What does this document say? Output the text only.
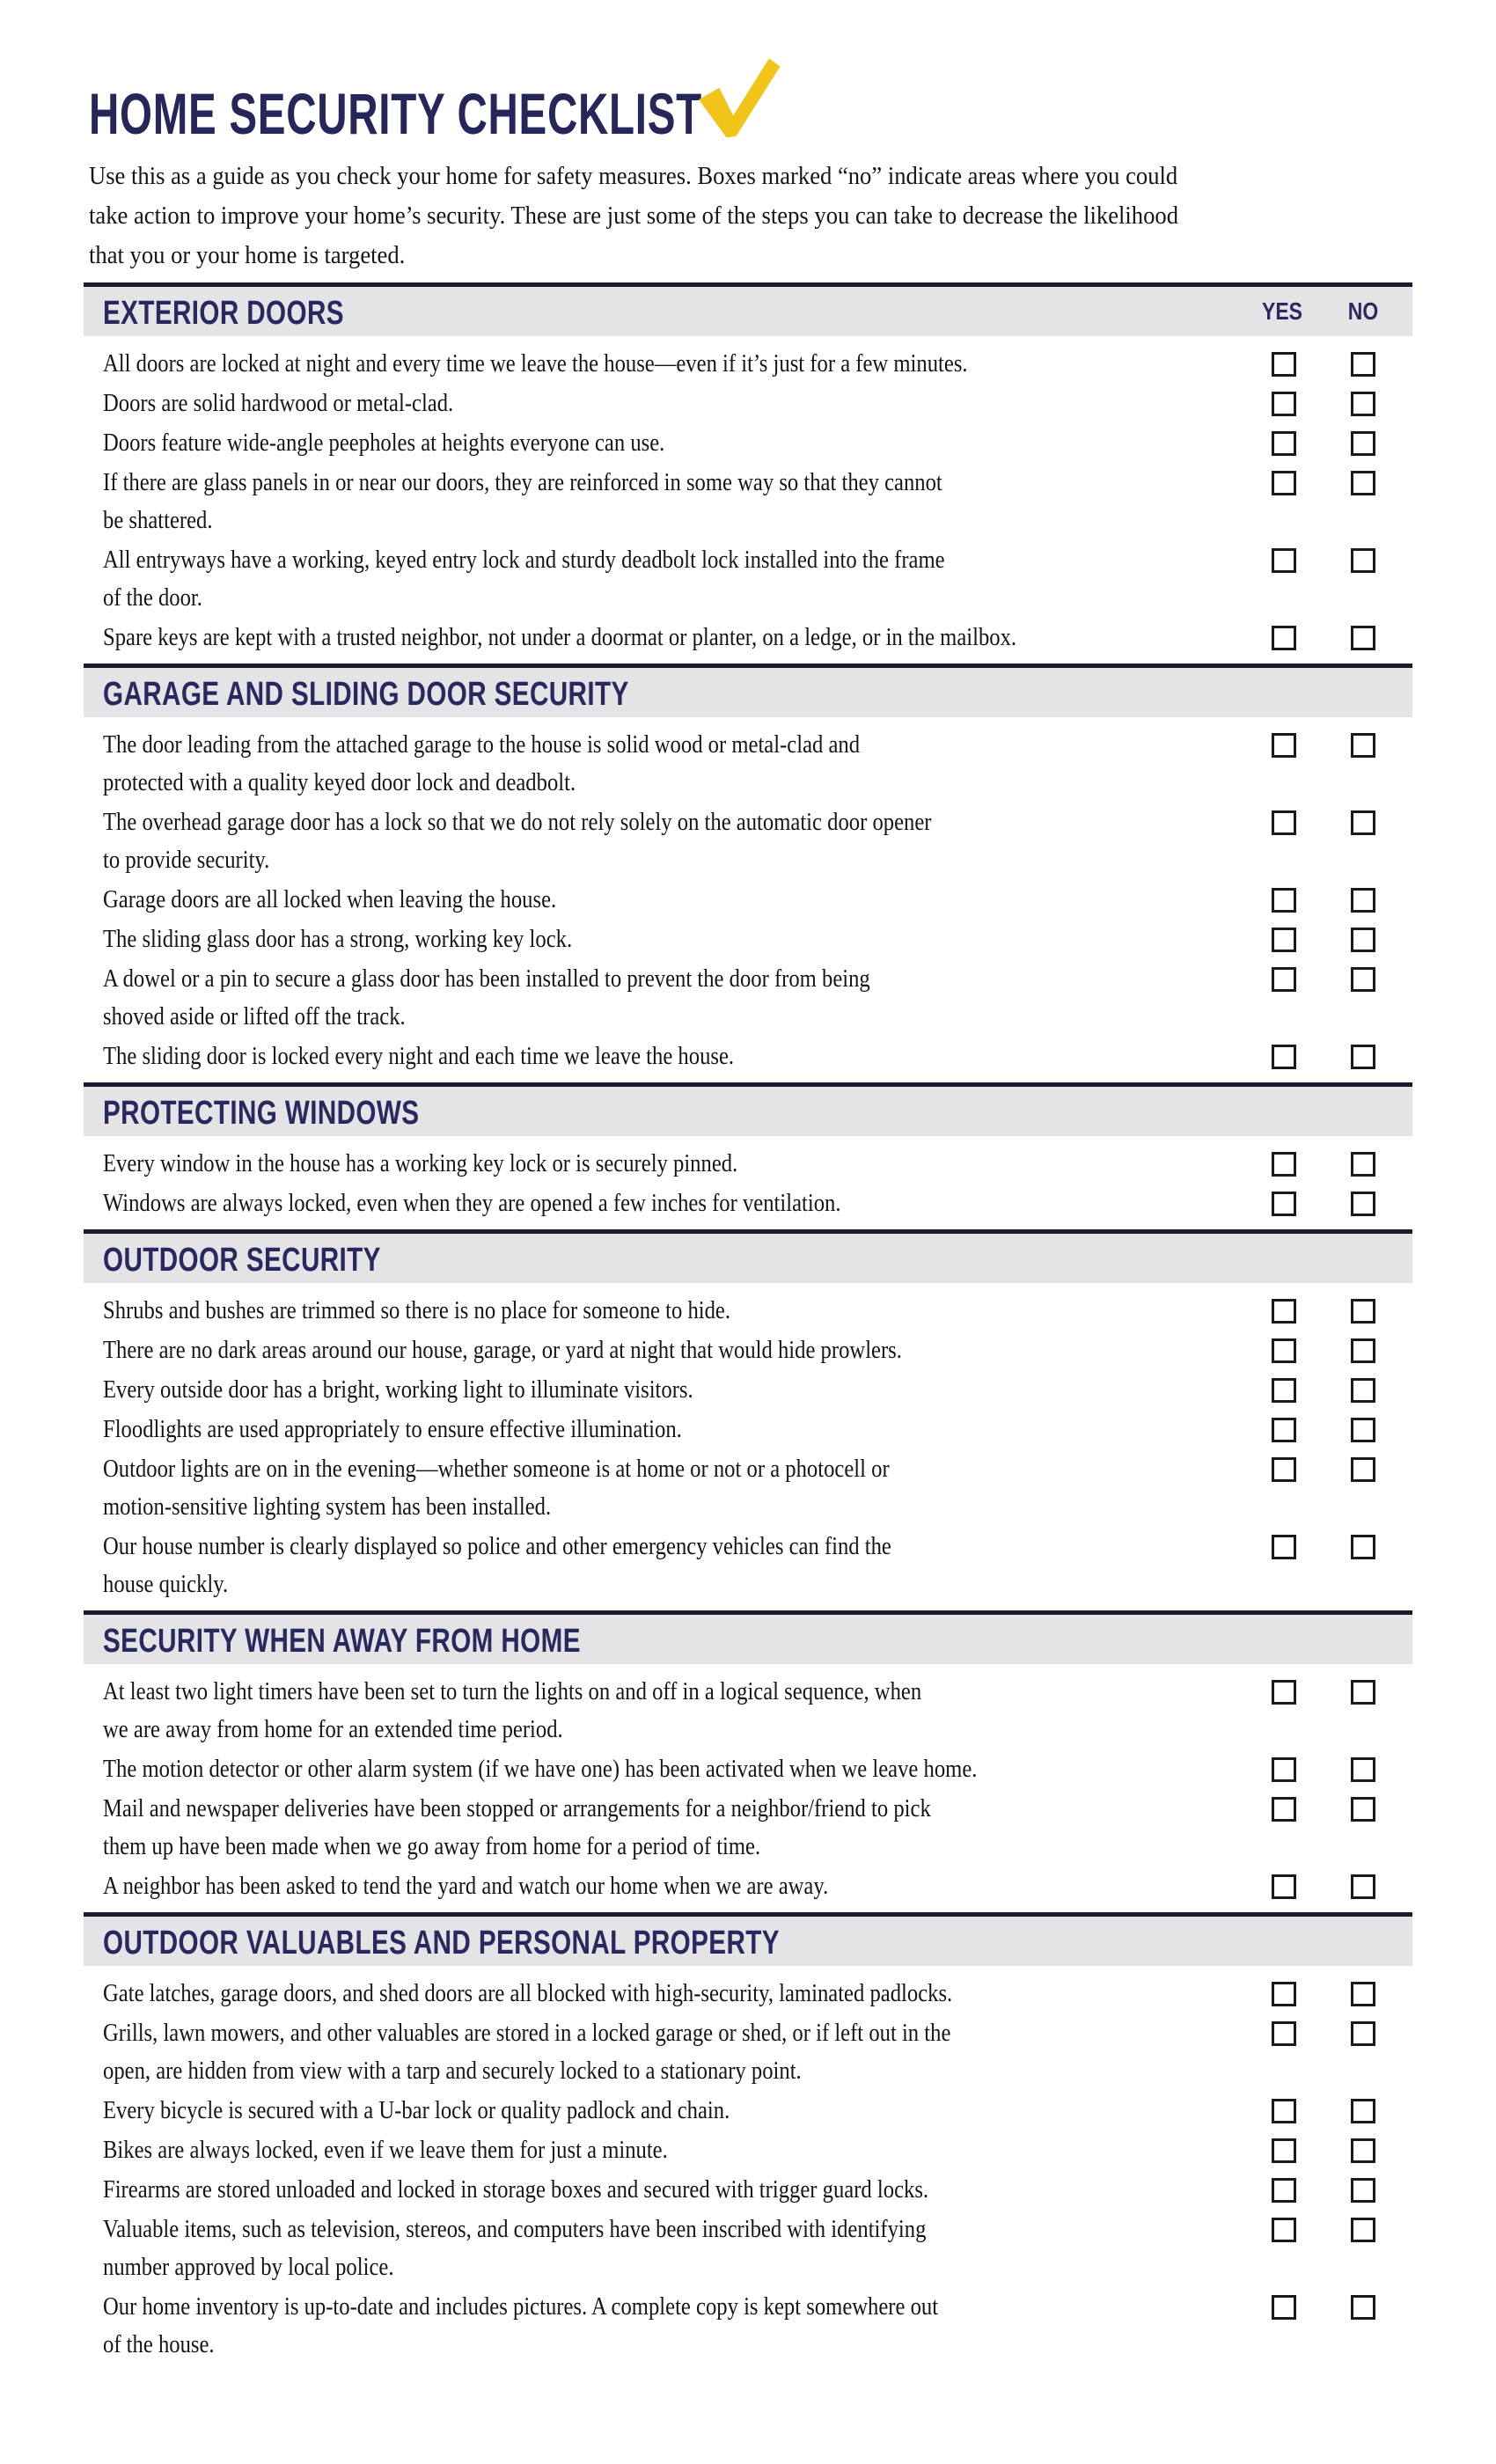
HOME SECURITY CHECKLIST
Use this as a guide as you check your home for safety measures. Boxes marked “no” indicate areas where you could
take action to improve your home’s security. These are just some of the steps you can take to decrease the likelihood
that you or your home is targeted.
EXTERIOR DOORS	YES	NO
All doors are locked at night and every time we leave the house—even if it’s just for a few minutes.
Doors are solid hardwood or metal-clad.
Doors feature wide-angle peepholes at heights everyone can use.
If there are glass panels in or near our doors, they are reinforced in some way so that they cannot
be shattered.
All entryways have a working, keyed entry lock and sturdy deadbolt lock installed into the frame
of the door.
Spare keys are kept with a trusted neighbor, not under a doormat or planter, on a ledge, or in the mailbox.
GARAGE AND SLIDING DOOR SECURITY
The door leading from the attached garage to the house is solid wood or metal-clad and
protected with a quality keyed door lock and deadbolt.
The overhead garage door has a lock so that we do not rely solely on the automatic door opener
to provide security.
Garage doors are all locked when leaving the house.
The sliding glass door has a strong, working key lock.
A dowel or a pin to secure a glass door has been installed to prevent the door from being
shoved aside or lifted off the track.
The sliding door is locked every night and each time we leave the house.
PROTECTING WINDOWS
Every window in the house has a working key lock or is securely pinned.
Windows are always locked, even when they are opened a few inches for ventilation.
OUTDOOR SECURITY
Shrubs and bushes are trimmed so there is no place for someone to hide.
There are no dark areas around our house, garage, or yard at night that would hide prowlers.
Every outside door has a bright, working light to illuminate visitors.
Floodlights are used appropriately to ensure effective illumination.
Outdoor lights are on in the evening—whether someone is at home or not or a photocell or
motion-sensitive lighting system has been installed.
Our house number is clearly displayed so police and other emergency vehicles can find the
house quickly.
SECURITY WHEN AWAY FROM HOME
At least two light timers have been set to turn the lights on and off in a logical sequence, when
we are away from home for an extended time period.
The motion detector or other alarm system (if we have one) has been activated when we leave home.
Mail and newspaper deliveries have been stopped or arrangements for a neighbor/friend to pick
them up have been made when we go away from home for a period of time.
A neighbor has been asked to tend the yard and watch our home when we are away.
OUTDOOR VALUABLES AND PERSONAL PROPERTY
Gate latches, garage doors, and shed doors are all blocked with high-security, laminated padlocks.
Grills, lawn mowers, and other valuables are stored in a locked garage or shed, or if left out in the
open, are hidden from view with a tarp and securely locked to a stationary point.
Every bicycle is secured with a U-bar lock or quality padlock and chain.
Bikes are always locked, even if we leave them for just a minute.
Firearms are stored unloaded and locked in storage boxes and secured with trigger guard locks.
Valuable items, such as television, stereos, and computers have been inscribed with identifying
number approved by local police.
Our home inventory is up-to-date and includes pictures. A complete copy is kept somewhere out
of the house.
